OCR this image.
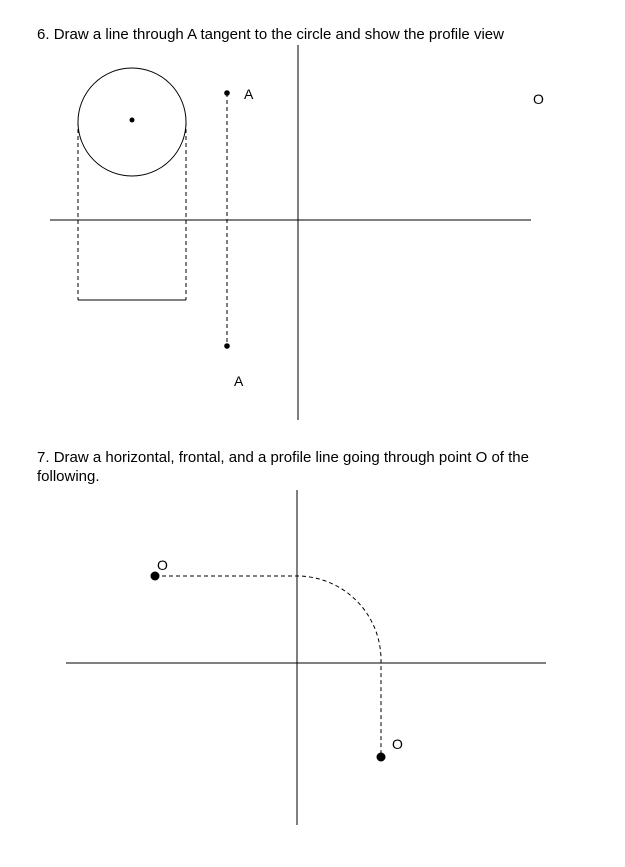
6. Draw a line through A tangent to the circle and show the profile view

A
A
O
O
O

7. Draw a horizontal, frontal, and a profile line going through point O of the following.
